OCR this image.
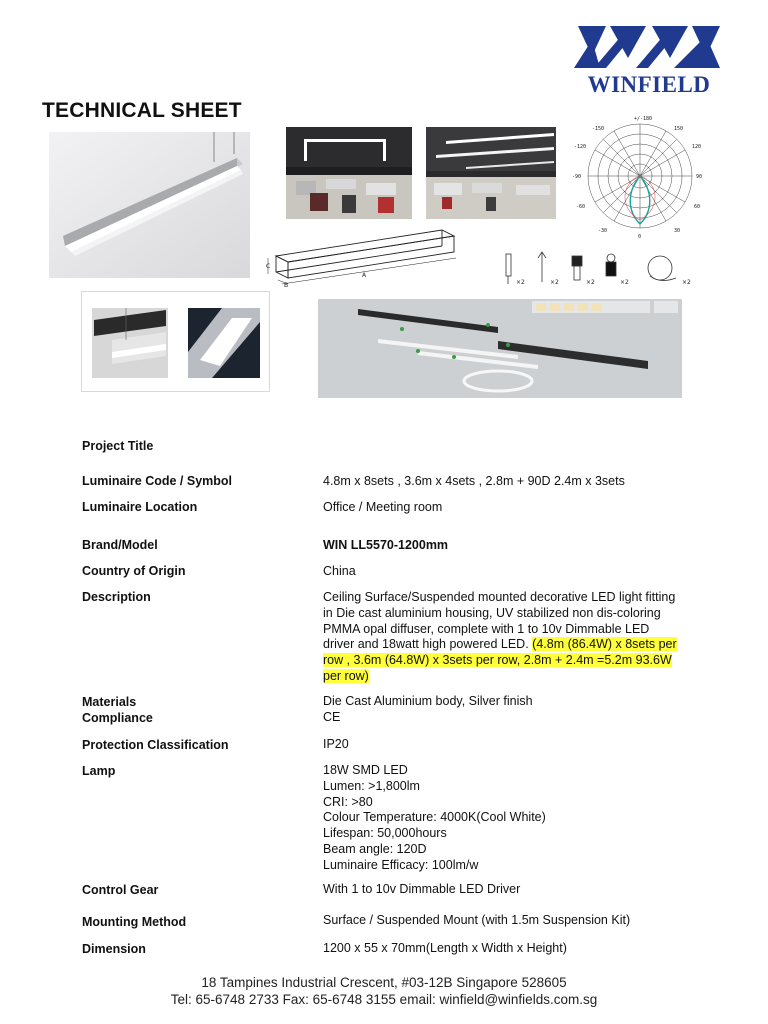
WINFIELD
TECHNICAL SHEET	+/-180
-150	150
-120	120
-90	90
-60	60
-30	30
0
A
B
C
×2	×2	×2	×2	×2
Project Title
Luminaire Code / Symbol	4.8m x 8sets , 3.6m x 4sets , 2.8m + 90D 2.4m x 3sets
Luminaire Location	Office / Meeting room
Brand/Model	WIN LL5570-1200mm
Country of Origin	China
Description	Ceiling Surface/Suspended mounted decorative LED light fitting
in Die cast aluminium housing, UV stabilized non dis-coloring
PMMA opal diffuser, complete with 1 to 10v Dimmable LED
driver and 18watt high powered LED. (4.8m (86.4W) x 8sets per
row , 3.6m (64.8W) x 3sets per row, 2.8m + 2.4m =5.2m 93.6W
per row)
Materials	Die Cast Aluminium body, Silver finish
Compliance	CE
Protection Classification	IP20
Lamp	18W SMD LED
Lumen: >1,800lm
CRI: >80
Colour Temperature: 4000K(Cool White)
Lifespan: 50,000hours
Beam angle: 120D
Luminaire Efficacy: 100lm/w
Control Gear	With 1 to 10v Dimmable LED Driver
Mounting Method	Surface / Suspended Mount (with 1.5m Suspension Kit)
Dimension	1200 x 55 x 70mm(Length x Width x Height)
18 Tampines Industrial Crescent, #03-12B Singapore 528605
Tel: 65-6748 2733 Fax: 65-6748 3155 email: winfield@winfields.com.sg
